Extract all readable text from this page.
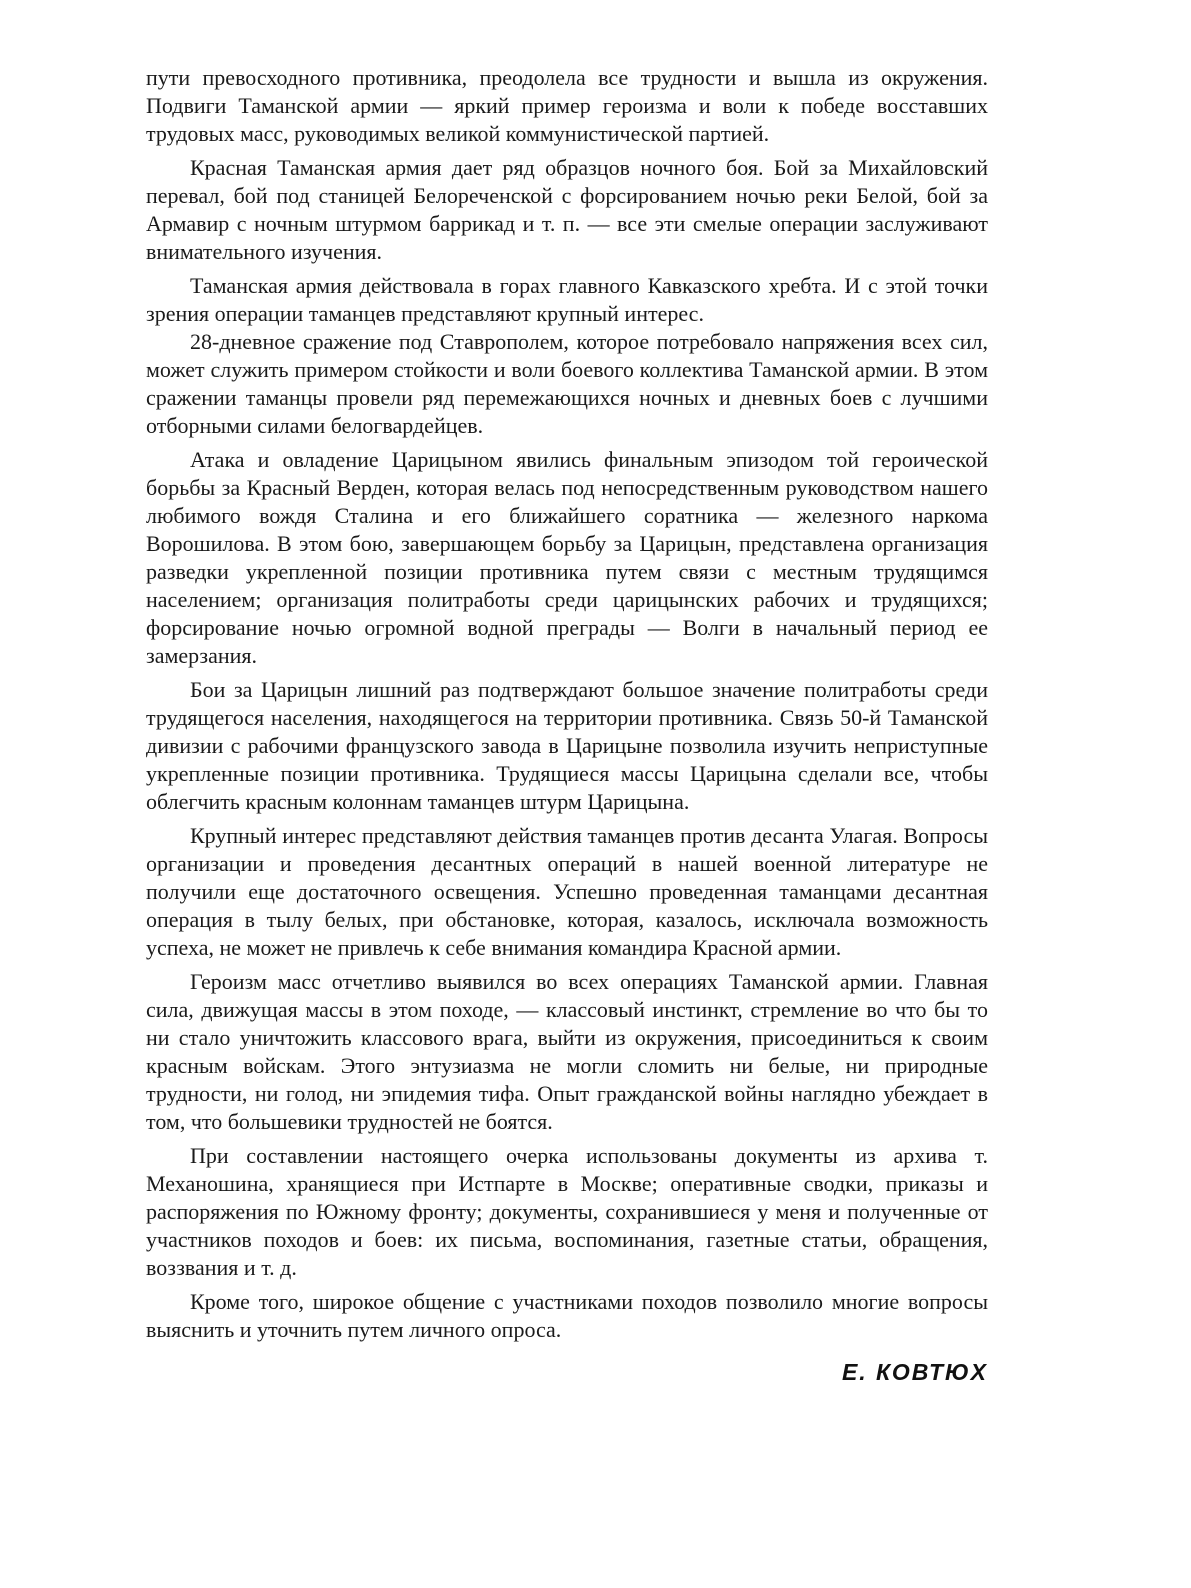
пути превосходного противника, преодолела все трудности и вышла из окружения. Подвиги Таманской армии — яркий пример героизма и воли к победе восставших трудовых масс, руководимых великой коммунистической партией.

Красная Таманская армия дает ряд образцов ночного боя. Бой за Михайловский перевал, бой под станицей Белореченской с форсированием ночью реки Белой, бой за Армавир с ночным штурмом баррикад и т. п. — все эти смелые операции заслуживают внимательного изучения.

Таманская армия действовала в горах главного Кавказского хребта. И с этой точки зрения операции таманцев представляют крупный интерес.

28-дневное сражение под Ставрополем, которое потребовало напряжения всех сил, может служить примером стойкости и воли боевого коллектива Таманской армии. В этом сражении таманцы провели ряд перемежающихся ночных и дневных боев с лучшими отборными силами белогвардейцев.

Атака и овладение Царицыном явились финальным эпизодом той героической борьбы за Красный Верден, которая велась под непосредственным руководством нашего любимого вождя Сталина и его ближайшего соратника — железного наркома Ворошилова. В этом бою, завершающем борьбу за Царицын, представлена организация разведки укрепленной позиции противника путем связи с местным трудящимся населением; организация политработы среди царицынских рабочих и трудящихся; форсирование ночью огромной водной преграды — Волги в начальный период ее замерзания.

Бои за Царицын лишний раз подтверждают большое значение политработы среди трудящегося населения, находящегося на территории противника. Связь 50-й Таманской дивизии с рабочими французского завода в Царицыне позволила изучить неприступные укрепленные позиции противника. Трудящиеся массы Царицына сделали все, чтобы облегчить красным колоннам таманцев штурм Царицына.

Крупный интерес представляют действия таманцев против десанта Улагая. Вопросы организации и проведения десантных операций в нашей военной литературе не получили еще достаточного освещения. Успешно проведенная таманцами десантная операция в тылу белых, при обстановке, которая, казалось, исключала возможность успеха, не может не привлечь к себе внимания командира Красной армии.

Героизм масс отчетливо выявился во всех операциях Таманской армии. Главная сила, движущая массы в этом походе, — классовый инстинкт, стремление во что бы то ни стало уничтожить классового врага, выйти из окружения, присоединиться к своим красным войскам. Этого энтузиазма не могли сломить ни белые, ни природные трудности, ни голод, ни эпидемия тифа. Опыт гражданской войны наглядно убеждает в том, что большевики трудностей не боятся.

При составлении настоящего очерка использованы документы из архива т. Механошина, хранящиеся при Истпарте в Москве; оперативные сводки, приказы и распоряжения по Южному фронту; документы, сохранившиеся у меня и полученные от участников походов и боев: их письма, воспоминания, газетные статьи, обращения, воззвания и т. д.

Кроме того, широкое общение с участниками походов позволило многие вопросы выяснить и уточнить путем личного опроса.

Е. КОВТЮХ
